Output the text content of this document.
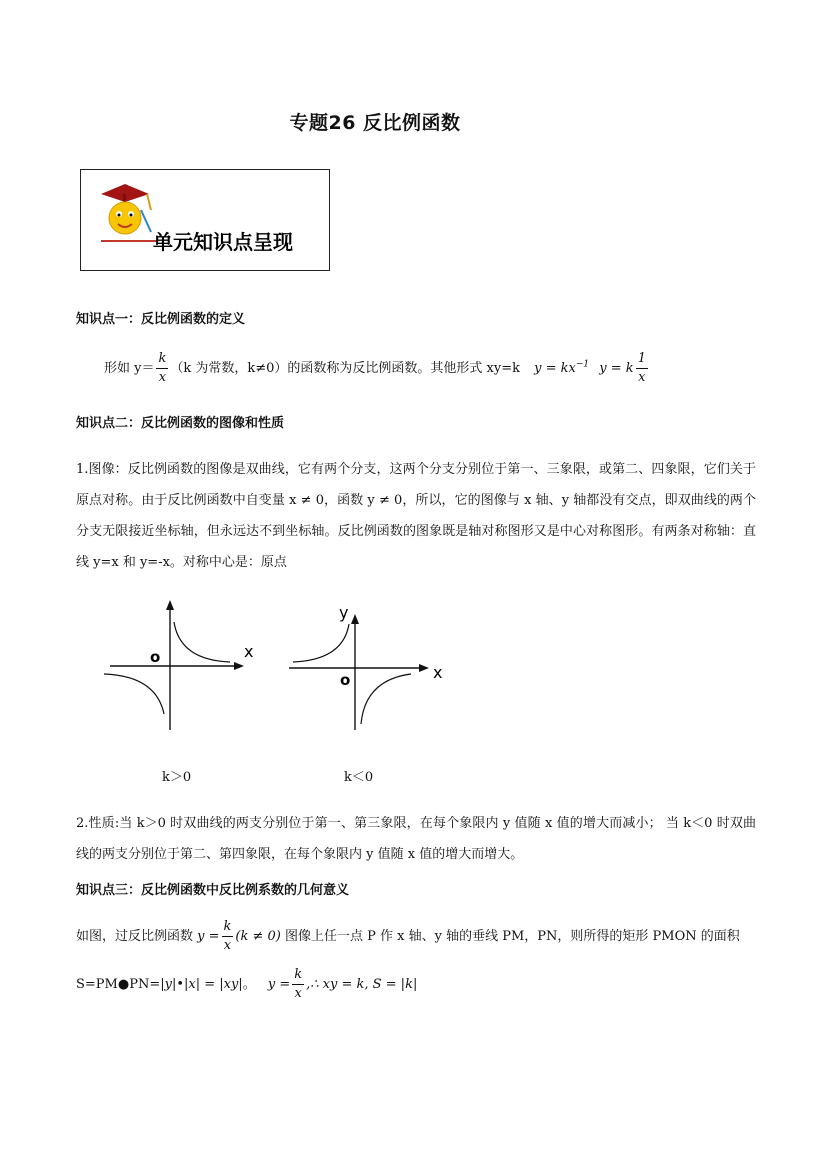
专题26 反比例函数
单元知识点呈现
知识点一：反比例函数的定义
形如 $y= \frac{k}{x} (k$ 为常数，k≠0）的函数称为反比例函数。其他形式 xy=k $y = kx^{-1}$ y = k $\frac{1}{x}$
知识点二：反比例函数的图像和性质
1.图像：反比例函数的图像是双曲线，它有两个分支，这两个分支分别位于第一、三象限，或第二、四象限，它们关于原点对称。由于反比例函数中自变量 x ≠ 0，函数 y ≠ 0，所以，它的图像与 x 轴、y 轴都没有交点，即双曲线的两个分支无限接近坐标轴，但永远达不到坐标轴。反比例函数的图象既是轴对称图形又是中心对称图形。有两条对称轴：直线 y=x 和 y=-x。对称中心是：原点
o	x
k＞0
y
o	x
k＜0
2.性质:当 k＞0 时双曲线的两支分别位于第一、第三象限，在每个象限内 y 值随 x 值的增大而减小； 当 k＜0 时双曲线的两支分别位于第二、第四象限，在每个象限内 y 值随 x 值的增大而增大。
知识点三：反比例函数中反比例系数的几何意义
如图，过反比例函数 $y = \frac{k}{x} (k \ne 0)$ 图像上任一点 P 作 x 轴、y 轴的垂线 PM，PN，则所得的矩形 PMON 的面积
S=PM●PN=|y|•|x| = |xy|。 $y = \frac{k}{x}$ ,∴ xy = k, S = |k|
